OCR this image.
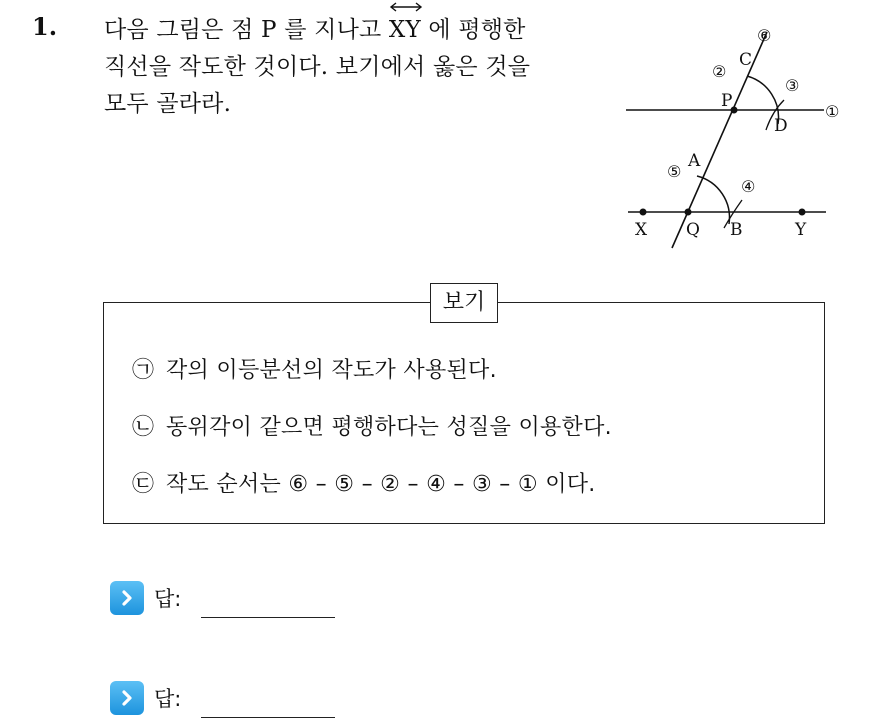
1. 다음 그림은 점 P 를 지나고
XY 에 평행한
직선을 작도한 것이다. 보기에서 옳은 것을
모두 골라라.
X Q B	Y
P
A
C
D
①
②
③
④
⑤
⑥
보기
㉠ 각의 이등분선의 작도가 사용된다.
㉡ 동위각이 같으면 평행하다는 성질을 이용한다.
㉢ 작도 순서는 ⑥ – ⑤ – ② – ④ – ③ – ① 이다.
답:
답:
